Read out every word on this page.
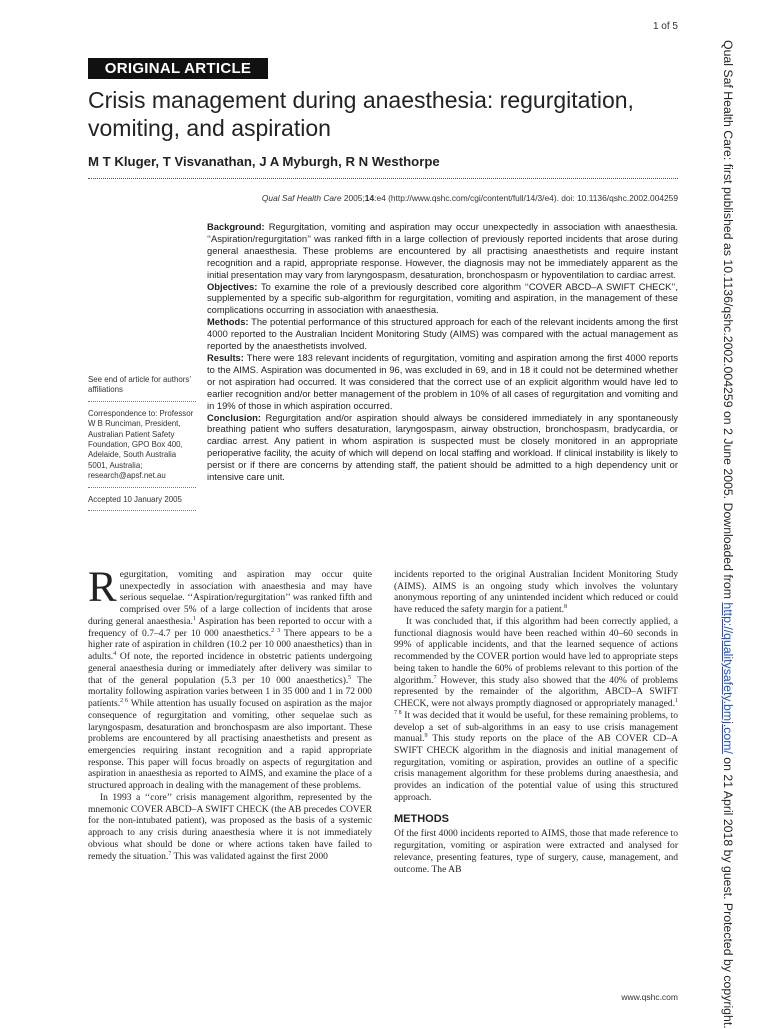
1 of 5
ORIGINAL ARTICLE
Crisis management during anaesthesia: regurgitation, vomiting, and aspiration
M T Kluger, T Visvanathan, J A Myburgh, R N Westhorpe
Qual Saf Health Care 2005;14:e4 (http://www.qshc.com/cgi/content/full/14/3/e4). doi: 10.1136/qshc.2002.004259

Background: Regurgitation, vomiting and aspiration may occur unexpectedly in association with anaesthesia. ‘‘Aspiration/regurgitation’’ was ranked fifth in a large collection of previously reported incidents that arose during general anaesthesia. These problems are encountered by all practising anaesthetists and require instant recognition and a rapid, appropriate response. However, the diagnosis may not be immediately apparent as the initial presentation may vary from laryngospasm, desaturation, bronchospasm or hypoventilation to cardiac arrest.

Objectives: To examine the role of a previously described core algorithm ‘‘COVER ABCD–A SWIFT CHECK’’, supplemented by a specific sub-algorithm for regurgitation, vomiting and aspiration, in the management of these complications occurring in association with anaesthesia.

Methods: The potential performance of this structured approach for each of the relevant incidents among the first 4000 reported to the Australian Incident Monitoring Study (AIMS) was compared with the actual management as reported by the anaesthetists involved.

Results: There were 183 relevant incidents of regurgitation, vomiting and aspiration among the first 4000 reports to the AIMS. Aspiration was documented in 96, was excluded in 69, and in 18 it could not be determined whether or not aspiration had occurred. It was considered that the correct use of an explicit algorithm would have led to earlier recognition and/or better management of the problem in 10% of all cases of regurgitation and vomiting and in 19% of those in which aspiration occurred.

Conclusion: Regurgitation and/or aspiration should always be considered immediately in any spontaneously breathing patient who suffers desaturation, laryngospasm, airway obstruction, bronchospasm, bradycardia, or cardiac arrest. Any patient in whom aspiration is suspected must be closely monitored in an appropriate perioperative facility, the acuity of which will depend on local staffing and workload. If clinical instability is likely to persist or if there are concerns by attending staff, the patient should be admitted to a high dependency unit or intensive care unit.

See end of article for authors’ affiliations

Correspondence to: Professor W B Runciman, President, Australian Patient Safety Foundation, GPO Box 400, Adelaide, South Australia 5001, Australia; research@apsf.net.au

Accepted 10 January 2005

Regurgitation, vomiting and aspiration may occur quite unexpectedly in association with anaesthesia and may have serious sequelae. ‘‘Aspiration/regurgitation’’ was ranked fifth and comprised over 5% of a large collection of incidents that arose during general anaesthesia.$^1$ Aspiration has been reported to occur with a frequency of 0.7–4.7 per 10 000 anaesthetics.$^{2 3}$ There appears to be a higher rate of aspiration in children (10.2 per 10 000 anaesthetics) than in adults.$^4$ Of note, the reported incidence in obstetric patients undergoing general anaesthesia during or immediately after delivery was similar to that of the general population (5.3 per 10 000 anaesthetics).$^5$ The mortality following aspiration varies between 1 in 35 000 and 1 in 72 000 patients.$^{2 6}$ While attention has usually focused on aspiration as the major consequence of regurgitation and vomiting, other sequelae such as laryngospasm, desaturation and bronchospasm are also important. These problems are encountered by all practising anaesthetists and present as emergencies requiring instant recognition and a rapid appropriate response. This paper will focus broadly on aspects of regurgitation and aspiration in anaesthesia as reported to AIMS, and examine the place of a structured approach in dealing with the management of these problems.

In 1993 a ‘‘core’’ crisis management algorithm, represented by the mnemonic COVER ABCD–A SWIFT CHECK (the AB precedes COVER for the non-intubated patient), was proposed as the basis of a systemic approach to any crisis during anaesthesia where it is not immediately obvious what should be done or where actions taken have failed to remedy the situation.$^7$ This was validated against the first 2000

incidents reported to the original Australian Incident Monitoring Study (AIMS). AIMS is an ongoing study which involves the voluntary anonymous reporting of any unintended incident which reduced or could have reduced the safety margin for a patient.$^8$

It was concluded that, if this algorithm had been correctly applied, a functional diagnosis would have been reached within 40–60 seconds in 99% of applicable incidents, and that the learned sequence of actions recommended by the COVER portion would have led to appropriate steps being taken to handle the 60% of problems relevant to this portion of the algorithm.$^7$ However, this study also showed that the 40% of problems represented by the remainder of the algorithm, ABCD–A SWIFT CHECK, were not always promptly diagnosed or appropriately managed.$^{1 7 8}$ It was decided that it would be useful, for these remaining problems, to develop a set of sub-algorithms in an easy to use crisis management manual.$^9$ This study reports on the place of the AB COVER CD–A SWIFT CHECK algorithm in the diagnosis and initial management of regurgitation, vomiting or aspiration, provides an outline of a specific crisis management algorithm for these problems during anaesthesia, and provides an indication of the potential value of using this structured approach.

METHODS

Of the first 4000 incidents reported to AIMS, those that made reference to regurgitation, vomiting or aspiration were extracted and analysed for relevance, presenting features, type of surgery, cause, management, and outcome. The AB

www.qshc.com
Qual Saf Health Care: first published as 10.1136/qshc.2002.004259 on 2 June 2005. Downloaded from http://qualitysafety.bmj.com/ on 21 April 2018 by guest. Protected by copyright.
